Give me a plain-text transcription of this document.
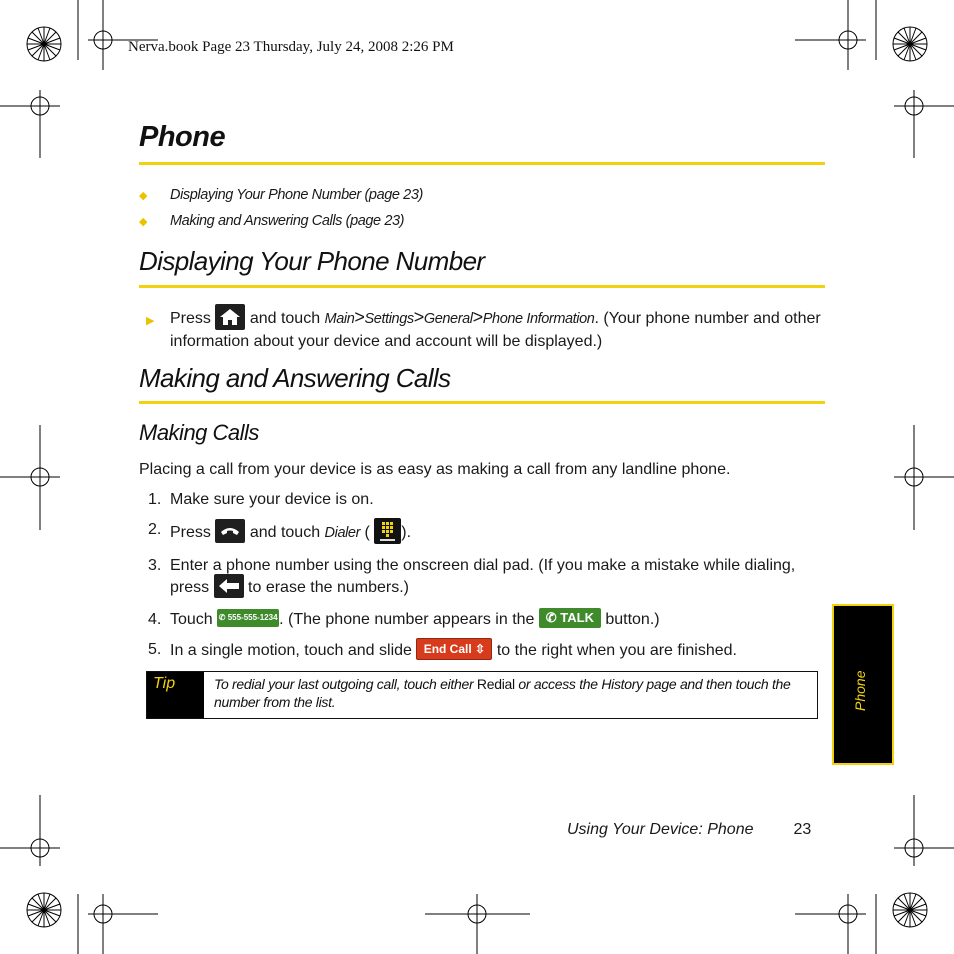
Nerva.book Page 23 Thursday, July 24, 2008 2:26 PM
Phone
◆	Displaying Your Phone Number (page 23)
◆	Making and Answering Calls (page 23)
Displaying Your Phone Number
▶ Press and touch Main>Settings>General>Phone Information. (Your phone number and other information about your device and account will be displayed.)
Making and Answering Calls
Making Calls
Placing a call from your device is as easy as making a call from any landline phone.
1. Make sure your device is on.
2. Press and touch Dialer ( ).
3. Enter a phone number using the onscreen dial pad. (If you make a mistake while dialing, press to erase the numbers.)
4. Touch ✆ 555-555-1234 . (The phone number appears in the ✆ TALK button.)
5. In a single motion, touch and slide End Call ⇳ to the right when you are finished.
Tip	To redial your last outgoing call, touch either Redial or access the History page and then touch the number from the list.	Phone
Using Your Device: Phone	23
